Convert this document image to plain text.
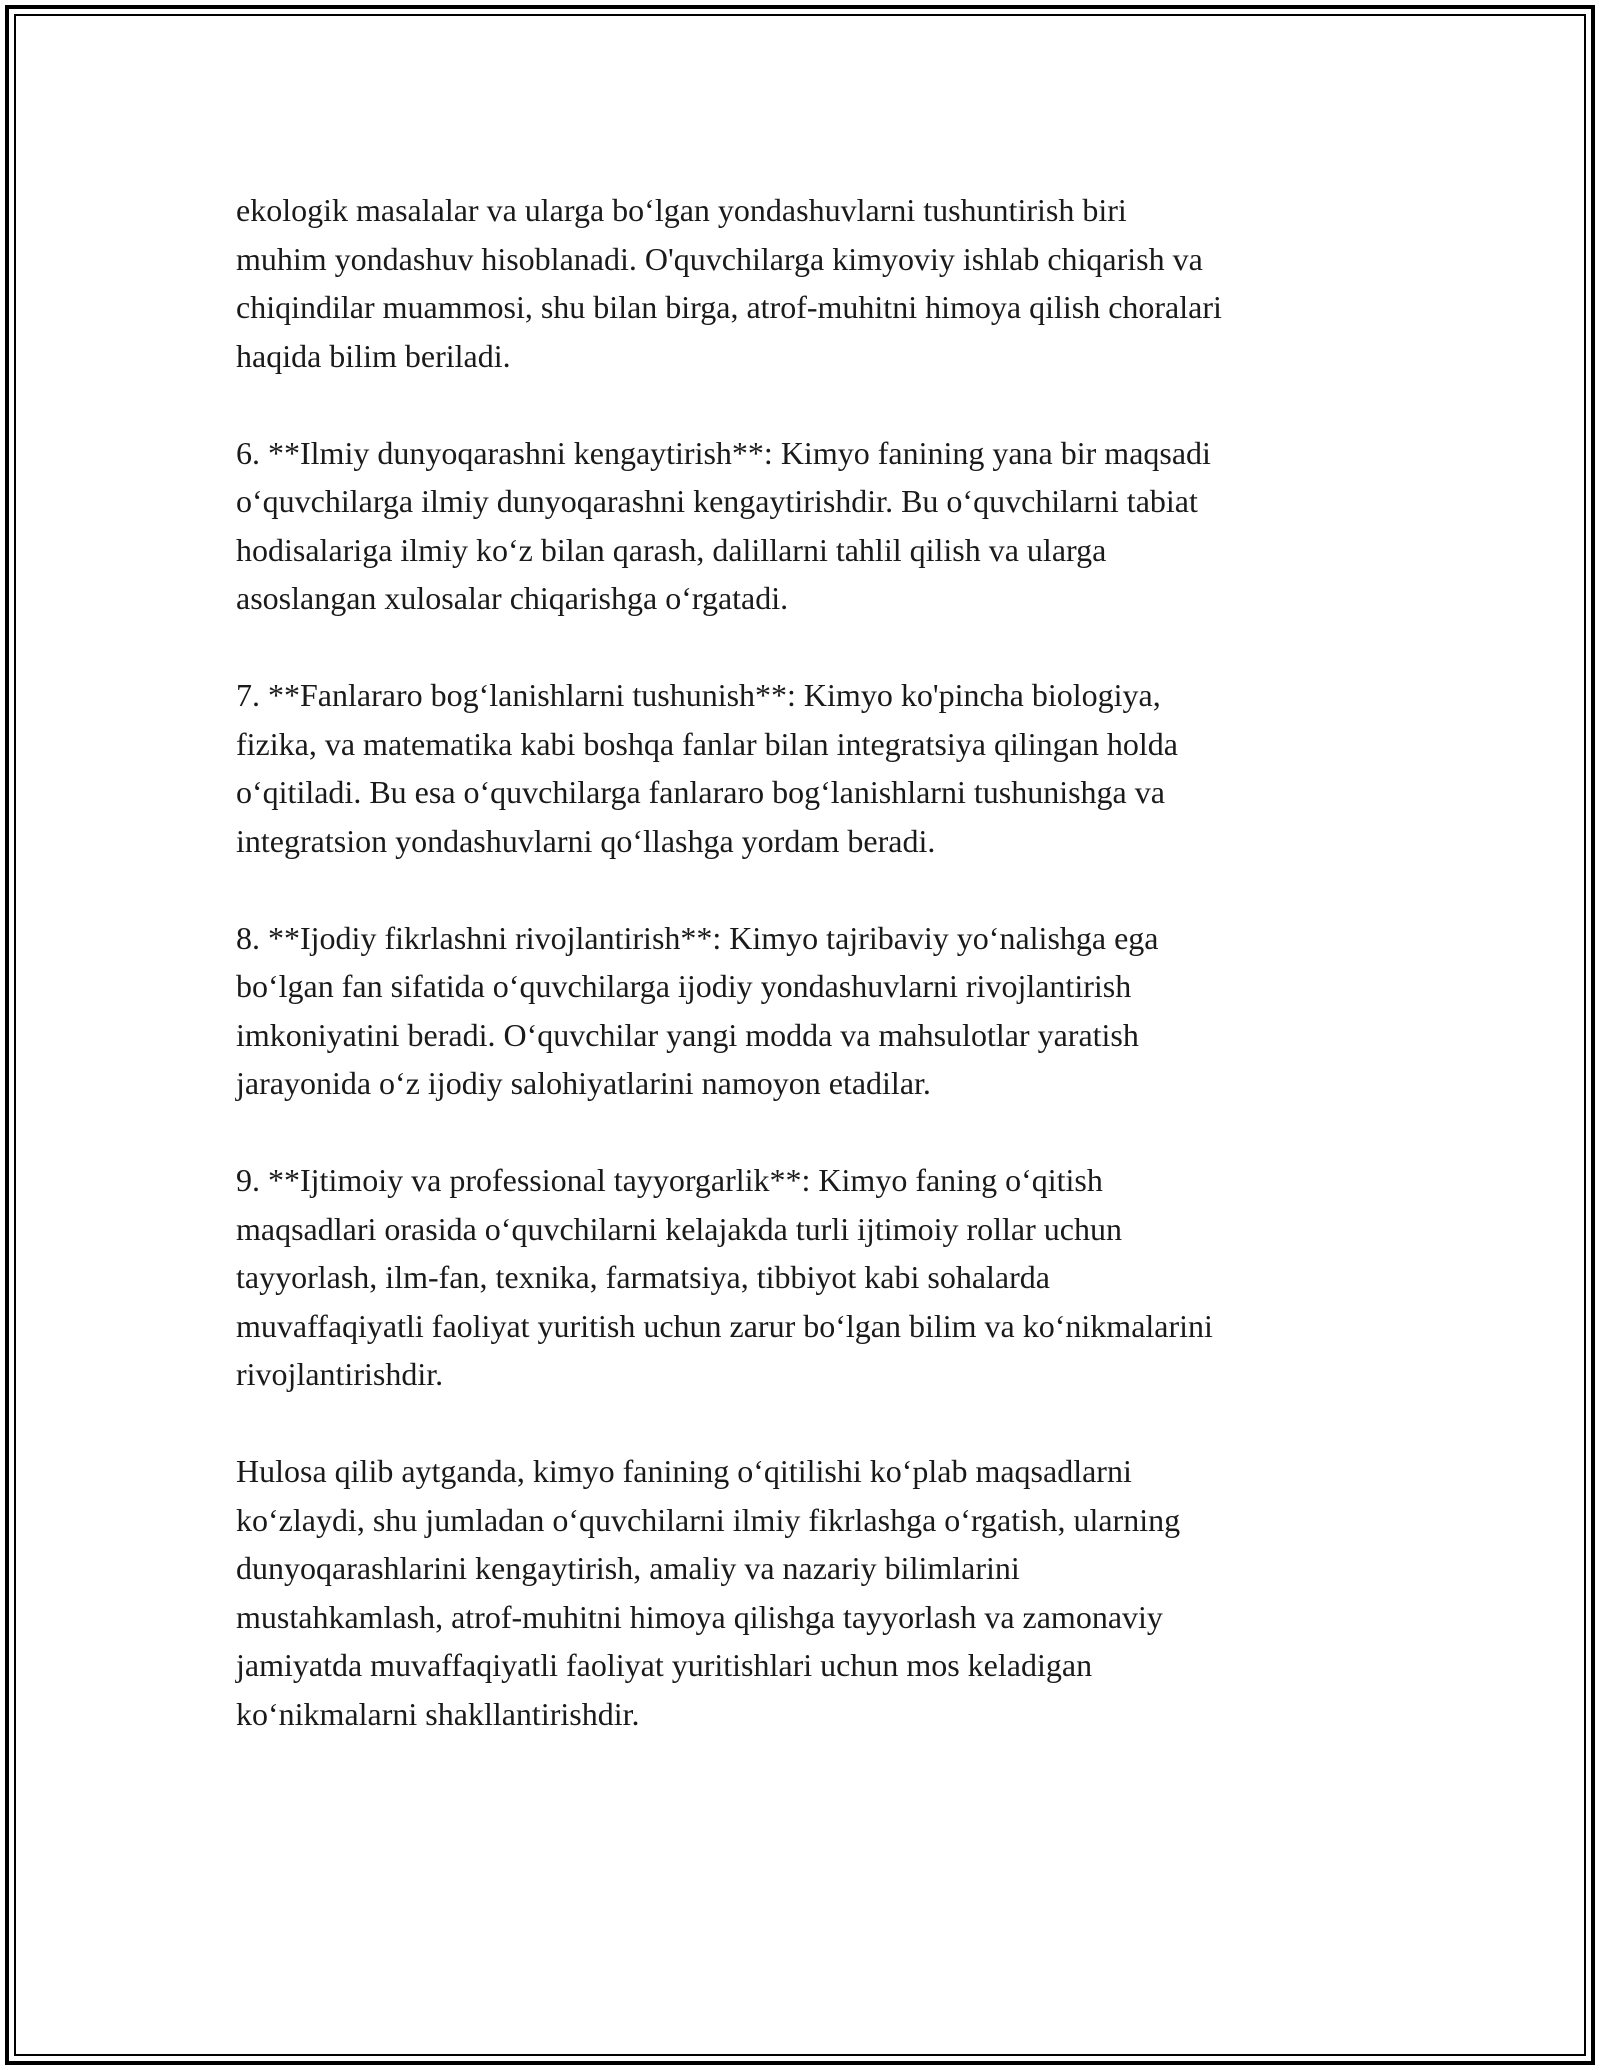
ekologik masalalar va ularga bo‘lgan yondashuvlarni tushuntirish biri
muhim yondashuv hisoblanadi. O'quvchilarga kimyoviy ishlab chiqarish va
chiqindilar muammosi, shu bilan birga, atrof-muhitni himoya qilish choralari
haqida bilim beriladi.

6. **Ilmiy dunyoqarashni kengaytirish**: Kimyo fanining yana bir maqsadi
o‘quvchilarga ilmiy dunyoqarashni kengaytirishdir. Bu o‘quvchilarni tabiat
hodisalariga ilmiy ko‘z bilan qarash, dalillarni tahlil qilish va ularga
asoslangan xulosalar chiqarishga o‘rgatadi.

7. **Fanlararo bog‘lanishlarni tushunish**: Kimyo ko'pincha biologiya,
fizika, va matematika kabi boshqa fanlar bilan integratsiya qilingan holda
o‘qitiladi. Bu esa o‘quvchilarga fanlararo bog‘lanishlarni tushunishga va
integratsion yondashuvlarni qo‘llashga yordam beradi.

8. **Ijodiy fikrlashni rivojlantirish**: Kimyo tajribaviy yo‘nalishga ega
bo‘lgan fan sifatida o‘quvchilarga ijodiy yondashuvlarni rivojlantirish
imkoniyatini beradi. O‘quvchilar yangi modda va mahsulotlar yaratish
jarayonida o‘z ijodiy salohiyatlarini namoyon etadilar.

9. **Ijtimoiy va professional tayyorgarlik**: Kimyo faning o‘qitish
maqsadlari orasida o‘quvchilarni kelajakda turli ijtimoiy rollar uchun
tayyorlash, ilm-fan, texnika, farmatsiya, tibbiyot kabi sohalarda
muvaffaqiyatli faoliyat yuritish uchun zarur bo‘lgan bilim va ko‘nikmalarini
rivojlantirishdir.

Hulosa qilib aytganda, kimyo fanining o‘qitilishi ko‘plab maqsadlarni
ko‘zlaydi, shu jumladan o‘quvchilarni ilmiy fikrlashga o‘rgatish, ularning
dunyoqarashlarini kengaytirish, amaliy va nazariy bilimlarini
mustahkamlash, atrof-muhitni himoya qilishga tayyorlash va zamonaviy
jamiyatda muvaffaqiyatli faoliyat yuritishlari uchun mos keladigan
ko‘nikmalarni shakllantirishdir.
